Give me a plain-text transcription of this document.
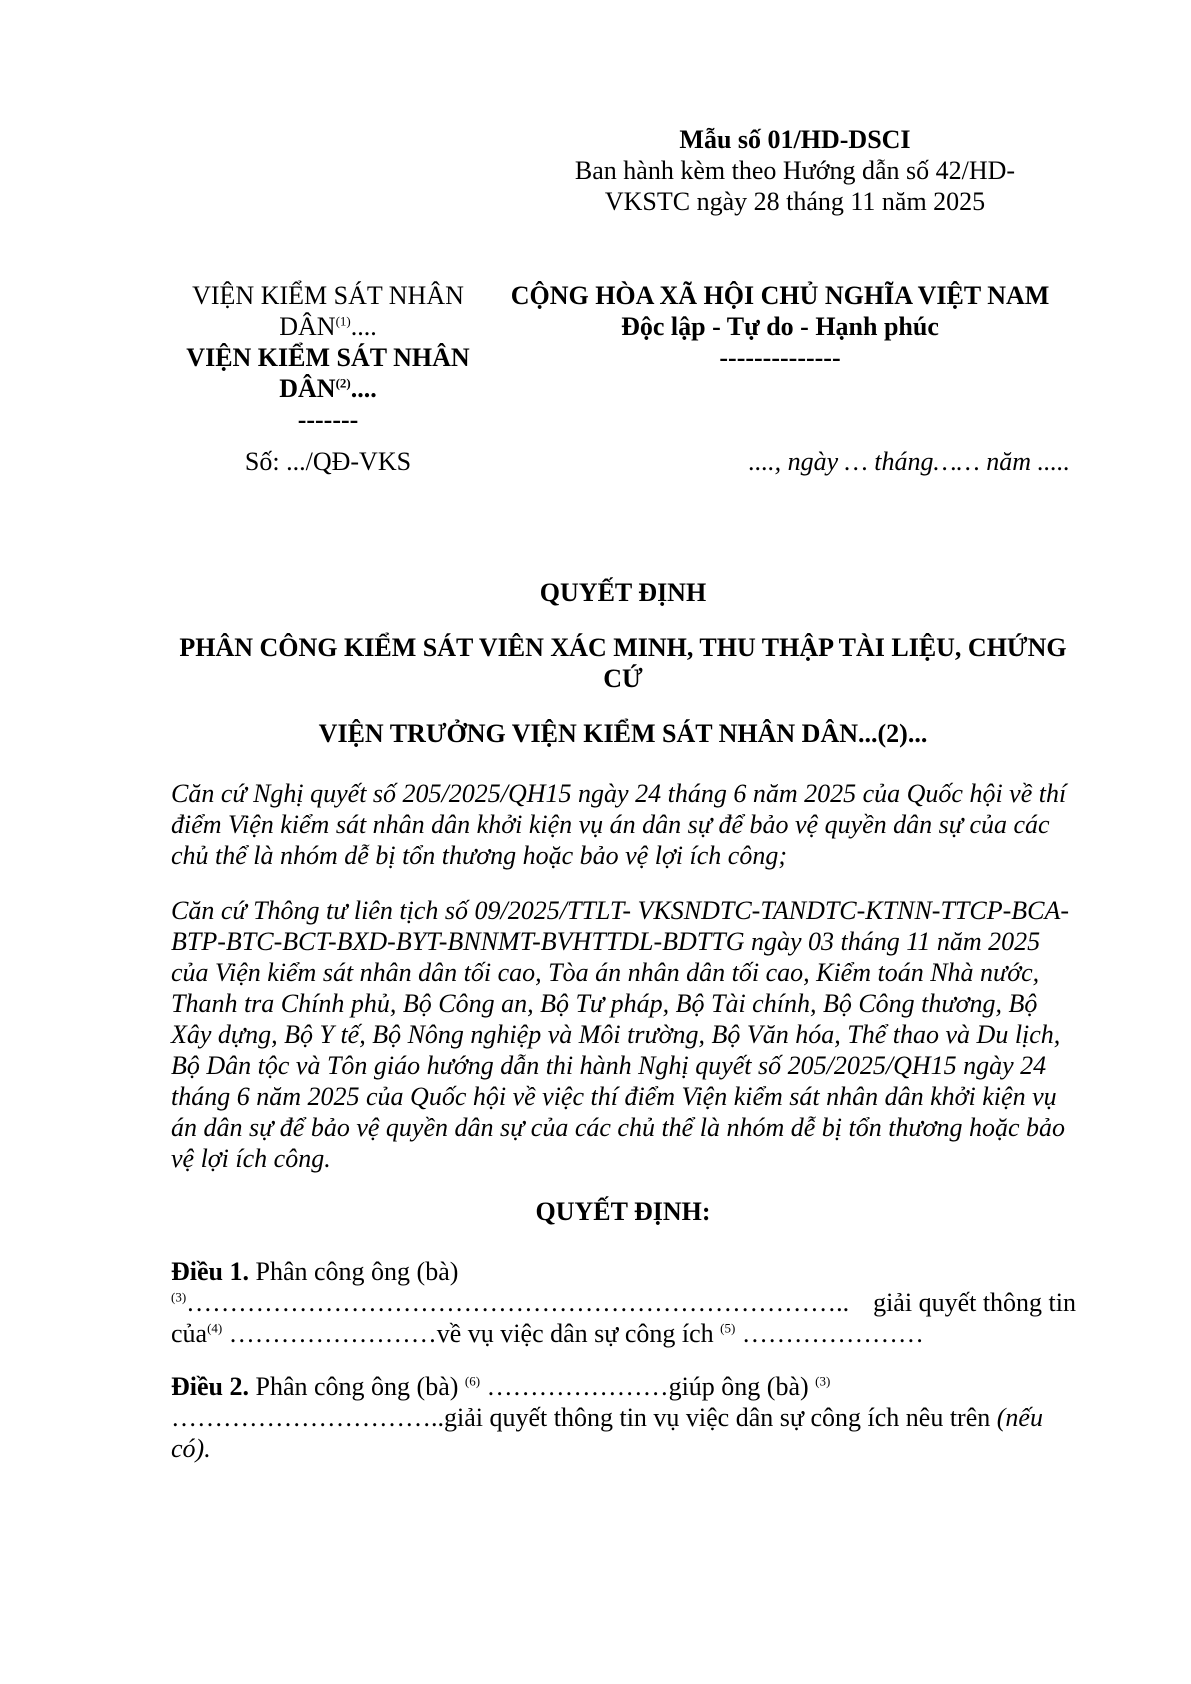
Mẫu số 01/HD-DSCI
Ban hành kèm theo Hướng dẫn số 42/HD-
VKSTC ngày 28 tháng 11 năm 2025
VIỆN KIỂM SÁT NHÂN
DÂN$^{(1)}$....
VIỆN KIỂM SÁT NHÂN
DÂN$^{(2)}$....
-------
CỘNG HÒA XÃ HỘI CHỦ NGHĨA VIỆT NAM
Độc lập - Tự do - Hạnh phúc
--------------
Số: .../QĐ-VKS	...., ngày … tháng…… năm .....
QUYẾT ĐỊNH
PHÂN CÔNG KIỂM SÁT VIÊN XÁC MINH, THU THẬP TÀI LIỆU, CHỨNG
CỨ
VIỆN TRƯỞNG VIỆN KIỂM SÁT NHÂN DÂN...(2)...
Căn cứ Nghị quyết số 205/2025/QH15 ngày 24 tháng 6 năm 2025 của Quốc hội về thí
điểm Viện kiểm sát nhân dân khởi kiện vụ án dân sự để bảo vệ quyền dân sự của các
chủ thể là nhóm dễ bị tổn thương hoặc bảo vệ lợi ích công;
Căn cứ Thông tư liên tịch số 09/2025/TTLT- VKSNDTC-TANDTC-KTNN-TTCP-BCA-
BTP-BTC-BCT-BXD-BYT-BNNMT-BVHTTDL-BDTTG ngày 03 tháng 11 năm 2025
của Viện kiểm sát nhân dân tối cao, Tòa án nhân dân tối cao, Kiểm toán Nhà nước,
Thanh tra Chính phủ, Bộ Công an, Bộ Tư pháp, Bộ Tài chính, Bộ Công thương, Bộ
Xây dựng, Bộ Y tế, Bộ Nông nghiệp và Môi trường, Bộ Văn hóa, Thể thao và Du lịch,
Bộ Dân tộc và Tôn giáo hướng dẫn thi hành Nghị quyết số 205/2025/QH15 ngày 24
tháng 6 năm 2025 của Quốc hội về việc thí điểm Viện kiểm sát nhân dân khởi kiện vụ
án dân sự để bảo vệ quyền dân sự của các chủ thể là nhóm dễ bị tổn thương hoặc bảo
vệ lợi ích công.
QUYẾT ĐỊNH:
Điều 1. Phân công ông (bà)
$^{(3)}$………………………………………………………………….. giải quyết thông tin
của$^{(4)}$ ……………………về vụ việc dân sự công ích $^{(5)}$ …………………
Điều 2. Phân công ông (bà) $^{(6)}$ …………………giúp ông (bà) $^{(3)}$
…………………………..giải quyết thông tin vụ việc dân sự công ích nêu trên (nếu
có).
